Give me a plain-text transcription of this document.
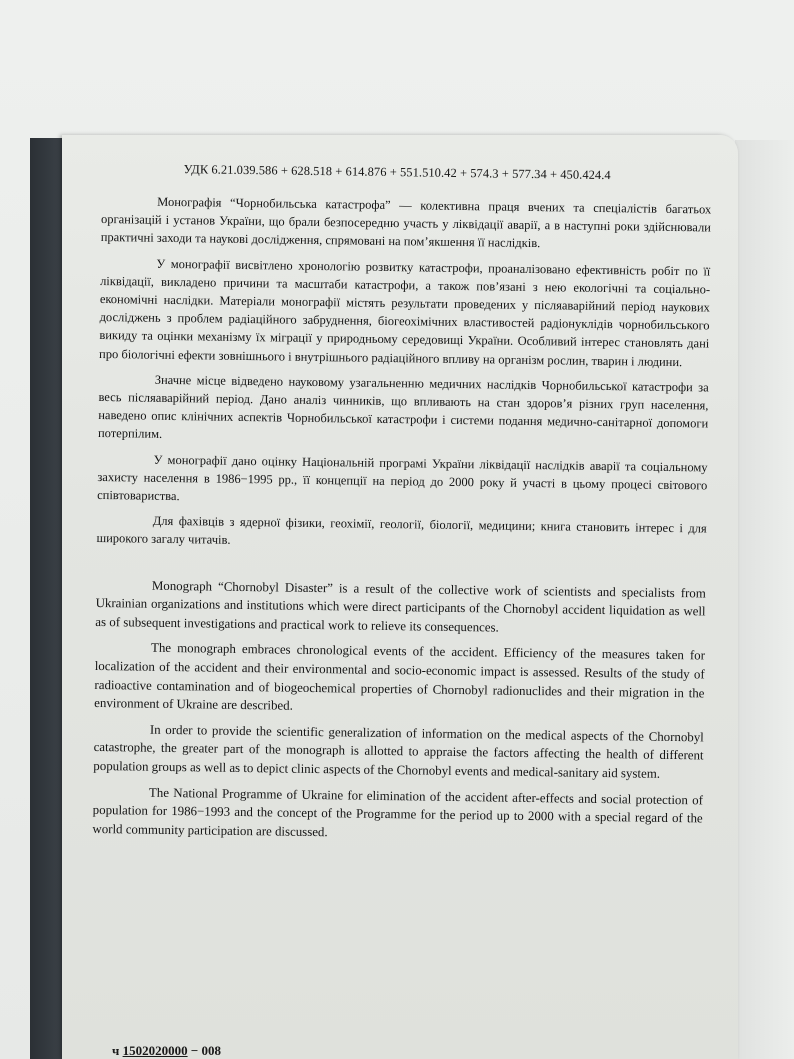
УДК 6.21.039.586 + 628.518 + 614.876 + 551.510.42 + 574.3 + 577.34 + 450.424.4

Монографія “Чорнобильська катастрофа” — колективна праця вчених та спеціалістів багатьох організацій і установ України, що брали безпосередню участь у ліквідації аварії, а в наступні роки здійснювали практичні заходи та наукові дослідження, спрямовані на пом’якшення її наслідків.

У монографії висвітлено хронологію розвитку катастрофи, проаналізовано ефективність робіт по її ліквідації, викладено причини та масштаби катастрофи, а також пов’язані з нею екологічні та соціально-економічні наслідки. Матеріали монографії містять результати проведених у післяаварійний період наукових досліджень з проблем радіаційного забруднення, біогеохімічних властивостей радіонуклідів чорнобильського викиду та оцінки механізму їх міграції у природньому середовищі України. Особливий інтерес становлять дані про біологічні ефекти зовнішнього і внутрішнього радіаційного впливу на організм рослин, тварин і людини.

Значне місце відведено науковому узагальненню медичних наслідків Чорнобильської катастрофи за весь післяаварійний період. Дано аналіз чинників, що впливають на стан здоров’я різних груп населення, наведено опис клінічних аспектів Чорнобильської катастрофи і системи подання медично-санітарної допомоги потерпілим.

У монографії дано оцінку Національній програмі України ліквідації наслідків аварії та соціальному захисту населення в 1986−1995 рр., її концепції на період до 2000 року й участі в цьому процесі світового співтовариства.

Для фахівців з ядерної фізики, геохімії, геології, біології, медицини; книга становить інтерес і для широкого загалу читачів.

Monograph “Chornobyl Disaster” is a result of the collective work of scientists and specialists from Ukrainian organizations and institutions which were direct participants of the Chornobyl accident liquidation as well as of subsequent investigations and practical work to relieve its consequences.

The monograph embraces chronological events of the accident. Efficiency of the measures taken for localization of the accident and their environmental and socio-economic impact is assessed. Results of the study of radioactive contamination and of biogeochemical properties of Chornobyl radionuclides and their migration in the environment of Ukraine are described.

In order to provide the scientific generalization of information on the medical aspects of the Chornobyl catastrophe, the greater part of the monograph is allotted to appraise the factors affecting the health of different population groups as well as to depict clinic aspects of the Chornobyl events and medical-sanitary aid system.

The National Programme of Ukraine for elimination of the accident after-effects and social protection of population for 1986−1993 and the concept of the Programme for the period up to 2000 with a special regard of the world community participation are discussed.

ч 1502020000 − 008
